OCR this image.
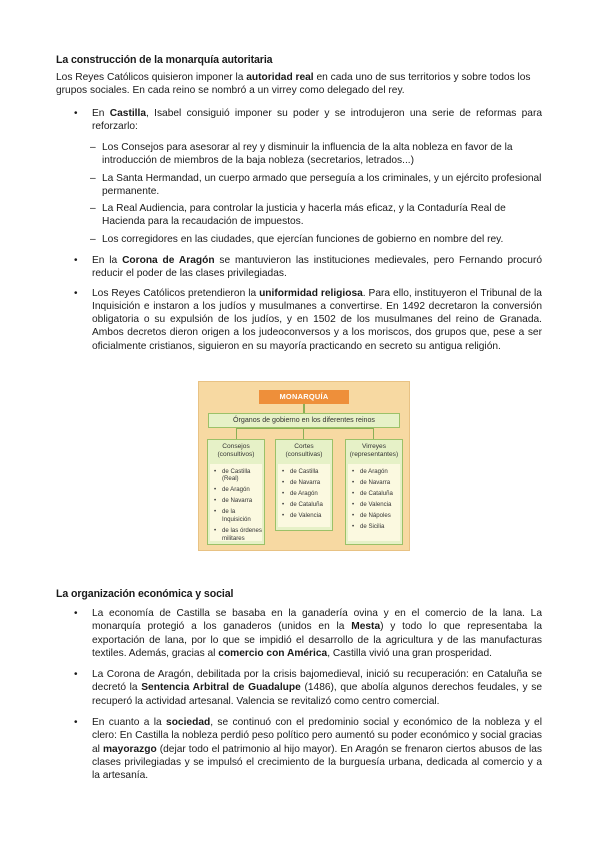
La construcción de la monarquía autoritaria

Los Reyes Católicos quisieron imponer la autoridad real en cada uno de sus territorios y sobre todos los grupos sociales. En cada reino se nombró a un virrey como delegado del rey.

• En Castilla, Isabel consiguió imponer su poder y se introdujeron una serie de reformas para reforzarlo:
– Los Consejos para asesorar al rey y disminuir la influencia de la alta nobleza en favor de la introducción de miembros de la baja nobleza (secretarios, letrados...)
– La Santa Hermandad, un cuerpo armado que perseguía a los criminales, y un ejército profesional permanente.
– La Real Audiencia, para controlar la justicia y hacerla más eficaz, y la Contaduría Real de Hacienda para la recaudación de impuestos.
– Los corregidores en las ciudades, que ejercían funciones de gobierno en nombre del rey.
• En la Corona de Aragón se mantuvieron las instituciones medievales, pero Fernando procuró reducir el poder de las clases privilegiadas.
• Los Reyes Católicos pretendieron la uniformidad religiosa. Para ello, instituyeron el Tribunal de la Inquisición e instaron a los judíos y musulmanes a convertirse. En 1492 decretaron la conversión obligatoria o su expulsión de los judíos, y en 1502 de los musulmanes del reino de Granada. Ambos decretos dieron origen a los judeoconversos y a los moriscos, dos grupos que, pese a ser oficialmente cristianos, siguieron en su mayoría practicando en secreto su antigua religión.
MONARQUÍA
Órganos de gobierno en los diferentes reinos
Consejos
(consultivos)
• de Castilla (Real)
• de Aragón
• de Navarra
• de la Inquisición
• de las órdenes militares
Cortes
(consultivas)
• de Castilla
• de Navarra
• de Aragón
• de Cataluña
• de Valencia
Virreyes
(representantes)
• de Aragón
• de Navarra
• de Cataluña
• de Valencia
• de Nápoles
• de Sicilia
La organización económica y social
• La economía de Castilla se basaba en la ganadería ovina y en el comercio de la lana. La monarquía protegió a los ganaderos (unidos en la Mesta) y todo lo que representaba la exportación de lana, por lo que se impidió el desarrollo de la agricultura y de las manufacturas textiles. Además, gracias al comercio con América, Castilla vivió una gran prosperidad.
• La Corona de Aragón, debilitada por la crisis bajomedieval, inició su recuperación: en Cataluña se decretó la Sentencia Arbitral de Guadalupe (1486), que abolía algunos derechos feudales, y se recuperó la actividad artesanal. Valencia se revitalizó como centro comercial.
• En cuanto a la sociedad, se continuó con el predominio social y económico de la nobleza y el clero: En Castilla la nobleza perdió peso político pero aumentó su poder económico y social gracias al mayorazgo (dejar todo el patrimonio al hijo mayor). En Aragón se frenaron ciertos abusos de las clases privilegiadas y se impulsó el crecimiento de la burguesía urbana, dedicada al comercio y a la artesanía.
